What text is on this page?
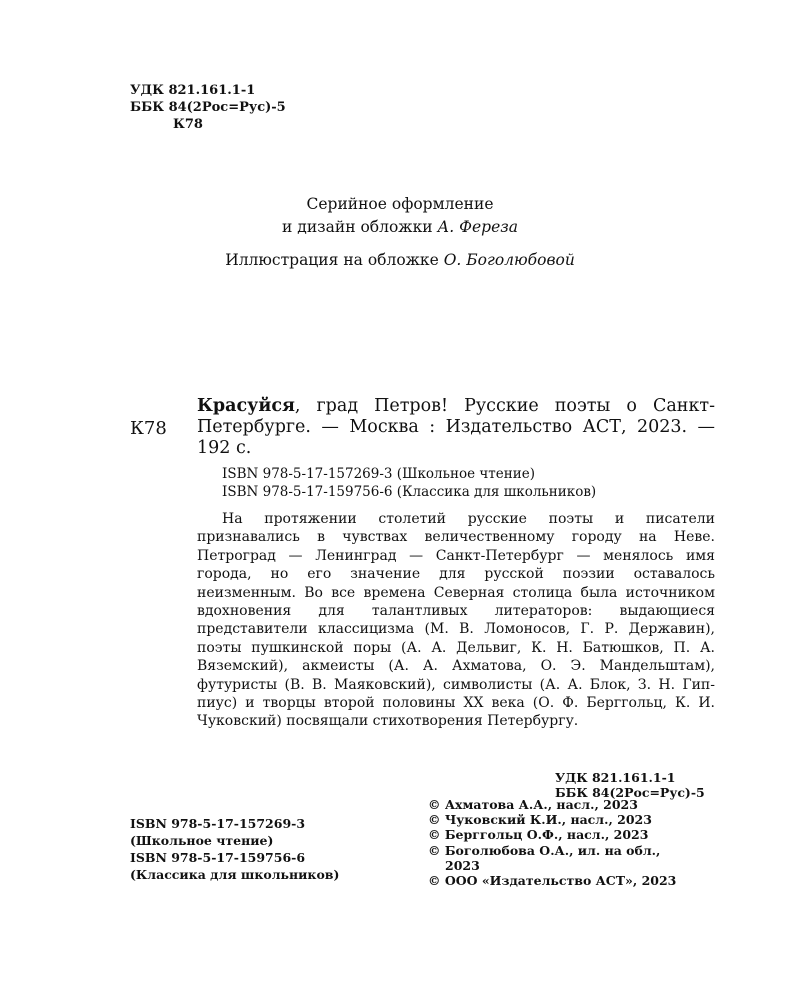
УДК 821.161.1-1
ББК 84(2Рос=Рус)-5
К78
Серийное оформление
и дизайн обложки А. Фереза
Иллюстрация на обложке О. Боголюбовой
К78
Красуйся, град Петров! Русские поэты о Санкт-Петербурге. — Москва : Издательство АСТ, 2023. — 192 с.
ISBN 978-5-17-157269-3 (Школьное чтение)
ISBN 978-5-17-159756-6 (Классика для школьников)
На протяжении столетий русские поэты и писатели признавались в чувствах величественному городу на Неве. Петроград — Ленинград — Санкт-Петербург — менялось имя города, но его значение для русской поэзии оставалось неизменным. Во все времена Северная столица была источником вдохновения для талантливых литераторов: выдающиеся представители классицизма (М. В. Ломоносов, Г. Р. Державин), поэты пушкинской поры (А. А. Дельвиг, К. Н. Батюшков, П. А. Вяземский), акмеисты (А. А. Ахматова, О. Э. Мандельштам), футуристы (В. В. Маяковский), символисты (А. А. Блок, З. Н. Гиппиус) и творцы второй половины XX века (О. Ф. Берггольц, К. И. Чуковский) посвящали стихотворения Петербургу.
УДК 821.161.1-1
ББК 84(2Рос=Рус)-5
ISBN 978-5-17-157269-3
(Школьное чтение)
ISBN 978-5-17-159756-6
(Классика для школьников)
© Ахматова А.А., насл., 2023
© Чуковский К.И., насл., 2023
© Берггольц О.Ф., насл., 2023
© Боголюбова О.А., ил. на обл.,
2023
© ООО «Издательство АСТ», 2023
